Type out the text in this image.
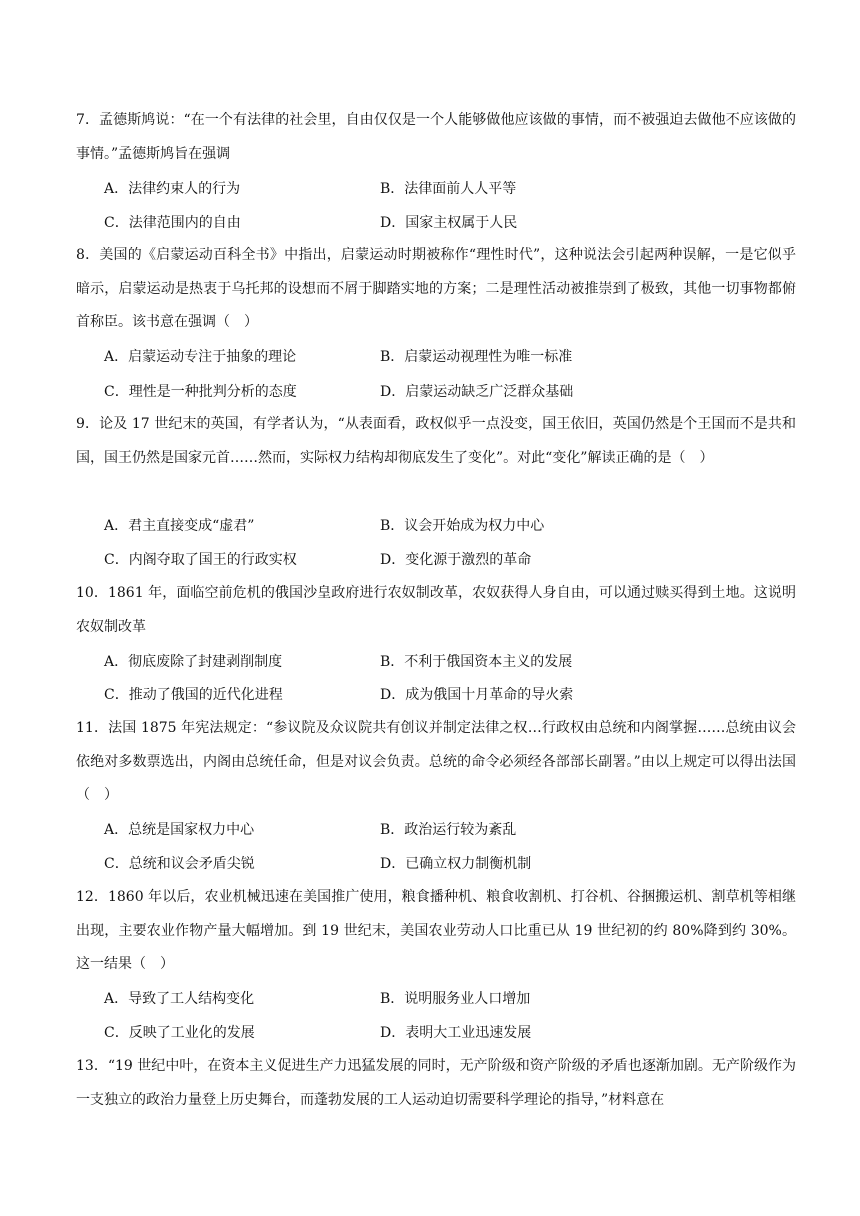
7．孟德斯鸠说：“在一个有法律的社会里，自由仅仅是一个人能够做他应该做的事情，而不被强迫去做他不应该做的事情。”孟德斯鸠旨在强调
A．法律约束人的行为	B．法律面前人人平等
C．法律范围内的自由	D．国家主权属于人民
8．美国的《启蒙运动百科全书》中指出，启蒙运动时期被称作“理性时代”，这种说法会引起两种误解，一是它似乎暗示，启蒙运动是热衷于乌托邦的设想而不屑于脚踏实地的方案；二是理性活动被推崇到了极致，其他一切事物都俯首称臣。该书意在强调（　）
A．启蒙运动专注于抽象的理论	B．启蒙运动视理性为唯一标准
C．理性是一种批判分析的态度	D．启蒙运动缺乏广泛群众基础
9．论及 17 世纪末的英国，有学者认为，“从表面看，政权似乎一点没变，国王依旧，英国仍然是个王国而不是共和国，国王仍然是国家元首……然而，实际权力结构却彻底发生了变化”。对此“变化”解读正确的是（　）
A．君主直接变成“虚君”	B．议会开始成为权力中心
C．内阁夺取了国王的行政实权	D．变化源于激烈的革命
10．1861 年，面临空前危机的俄国沙皇政府进行农奴制改革，农奴获得人身自由，可以通过赎买得到土地。这说明农奴制改革
A．彻底废除了封建剥削制度	B．不利于俄国资本主义的发展
C．推动了俄国的近代化进程	D．成为俄国十月革命的导火索
11．法国 1875 年宪法规定：“参议院及众议院共有创议并制定法律之权…行政权由总统和内阁掌握……总统由议会依绝对多数票选出，内阁由总统任命，但是对议会负责。总统的命令必须经各部部长副署。”由以上规定可以得出法国（　）
A．总统是国家权力中心	B．政治运行较为紊乱
C．总统和议会矛盾尖锐	D．已确立权力制衡机制
12．1860 年以后，农业机械迅速在美国推广使用，粮食播种机、粮食收割机、打谷机、谷捆搬运机、割草机等相继出现，主要农业作物产量大幅增加。到 19 世纪末，美国农业劳动人口比重已从 19 世纪初的约 80%降到约 30%。这一结果（　）
A．导致了工人结构变化	B．说明服务业人口增加
C．反映了工业化的发展	D．表明大工业迅速发展
13．“19 世纪中叶，在资本主义促进生产力迅猛发展的同时，无产阶级和资产阶级的矛盾也逐渐加剧。无产阶级作为一支独立的政治力量登上历史舞台，而蓬勃发展的工人运动迫切需要科学理论的指导，”材料意在
